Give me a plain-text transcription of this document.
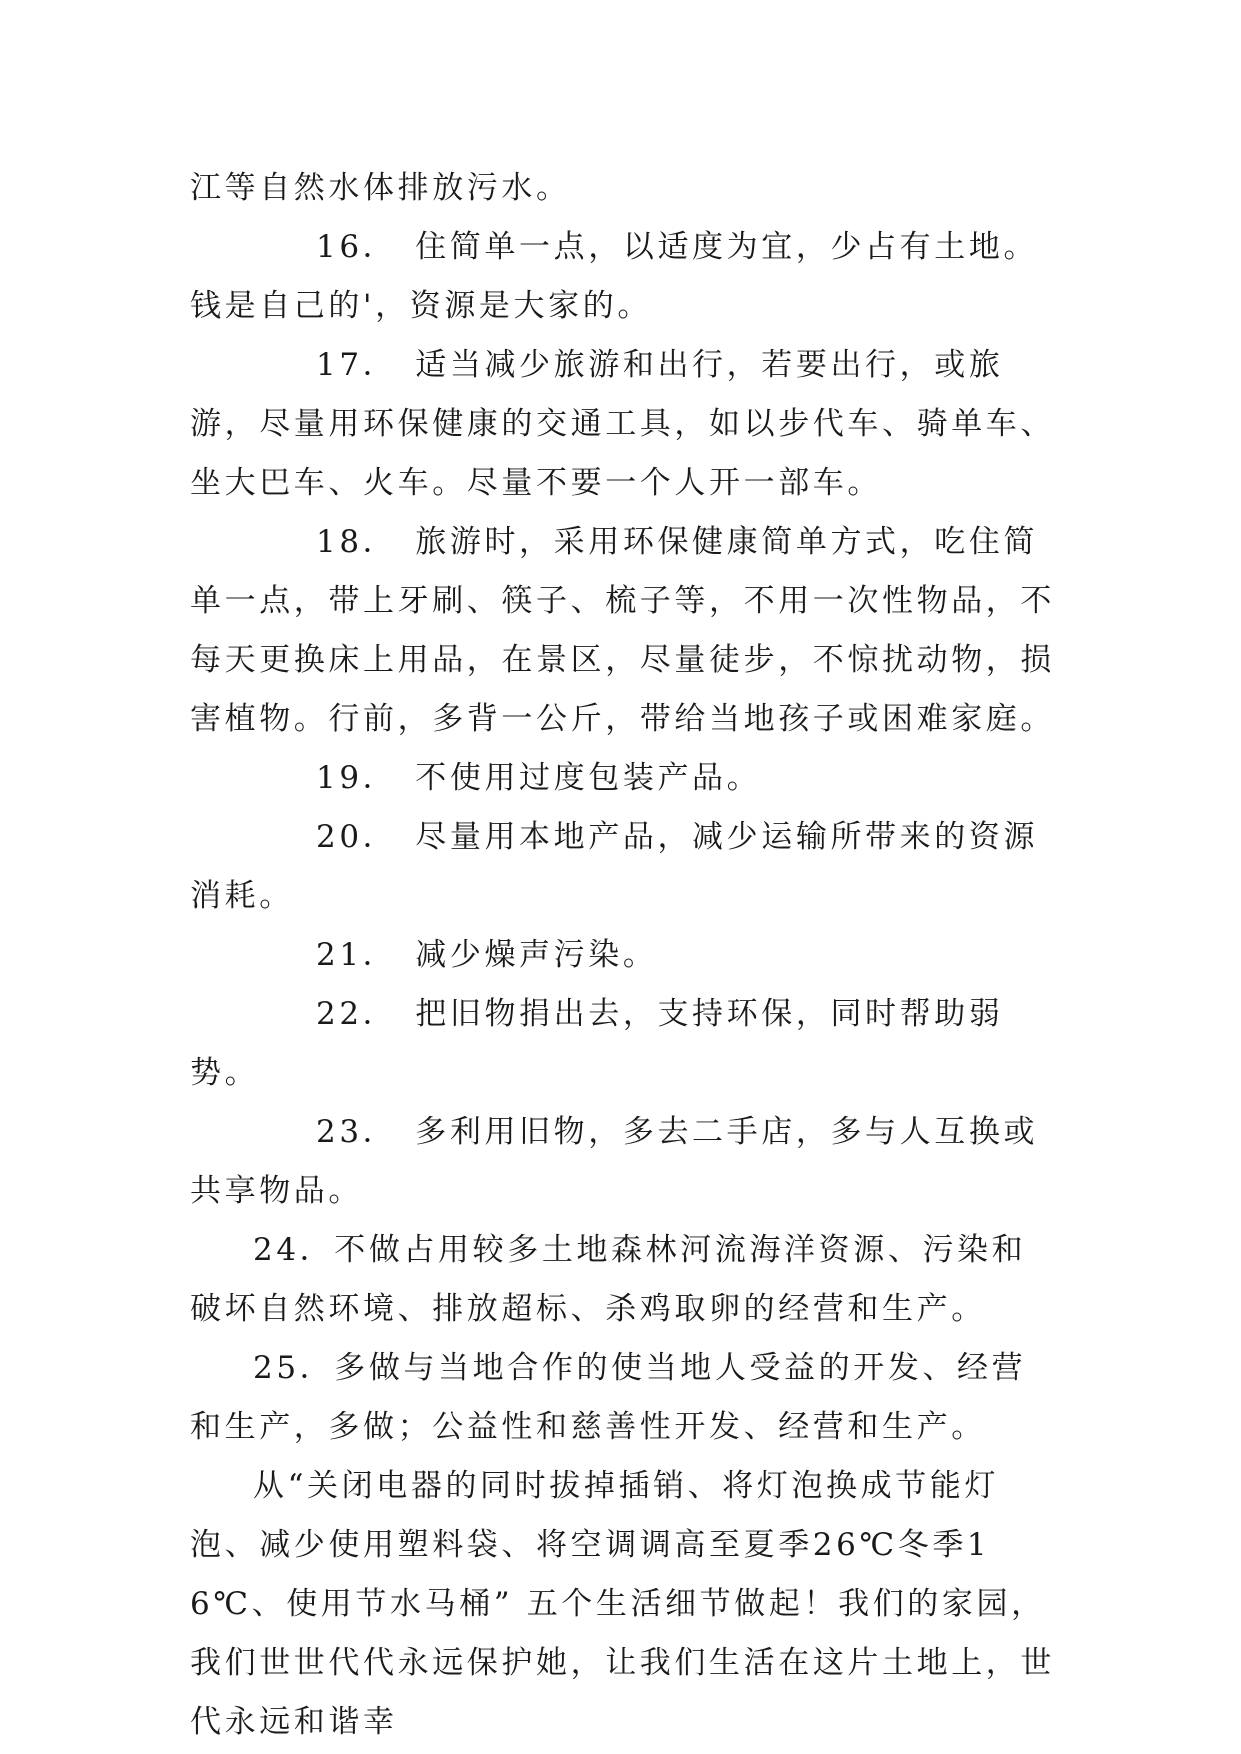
江等自然水体排放污水。

16． 住简单一点，以适度为宜，少占有土地。钱是自己的'，资源是大家的。

17． 适当减少旅游和出行，若要出行，或旅游，尽量用环保健康的交通工具，如以步代车、骑单车、坐大巴车、火车。尽量不要一个人开一部车。

18． 旅游时，采用环保健康简单方式，吃住简单一点，带上牙刷、筷子、梳子等，不用一次性物品，不每天更换床上用品，在景区，尽量徒步，不惊扰动物，损害植物。行前，多背一公斤，带给当地孩子或困难家庭。

19． 不使用过度包装产品。

20． 尽量用本地产品，减少运输所带来的资源消耗。

21． 减少燥声污染。

22． 把旧物捐出去，支持环保，同时帮助弱势。

23． 多利用旧物，多去二手店，多与人互换或共享物品。

24．不做占用较多土地森林河流海洋资源、污染和破坏自然环境、排放超标、杀鸡取卵的经营和生产。

25．多做与当地合作的使当地人受益的开发、经营和生产，多做；公益性和慈善性开发、经营和生产。

从“关闭电器的同时拔掉插销、将灯泡换成节能灯泡、减少使用塑料袋、将空调调高至夏季26℃冬季16℃、使用节水马桶” 五个生活细节做起！我们的家园，我们世世代代永远保护她，让我们生活在这片土地上，世代永远和谐幸
